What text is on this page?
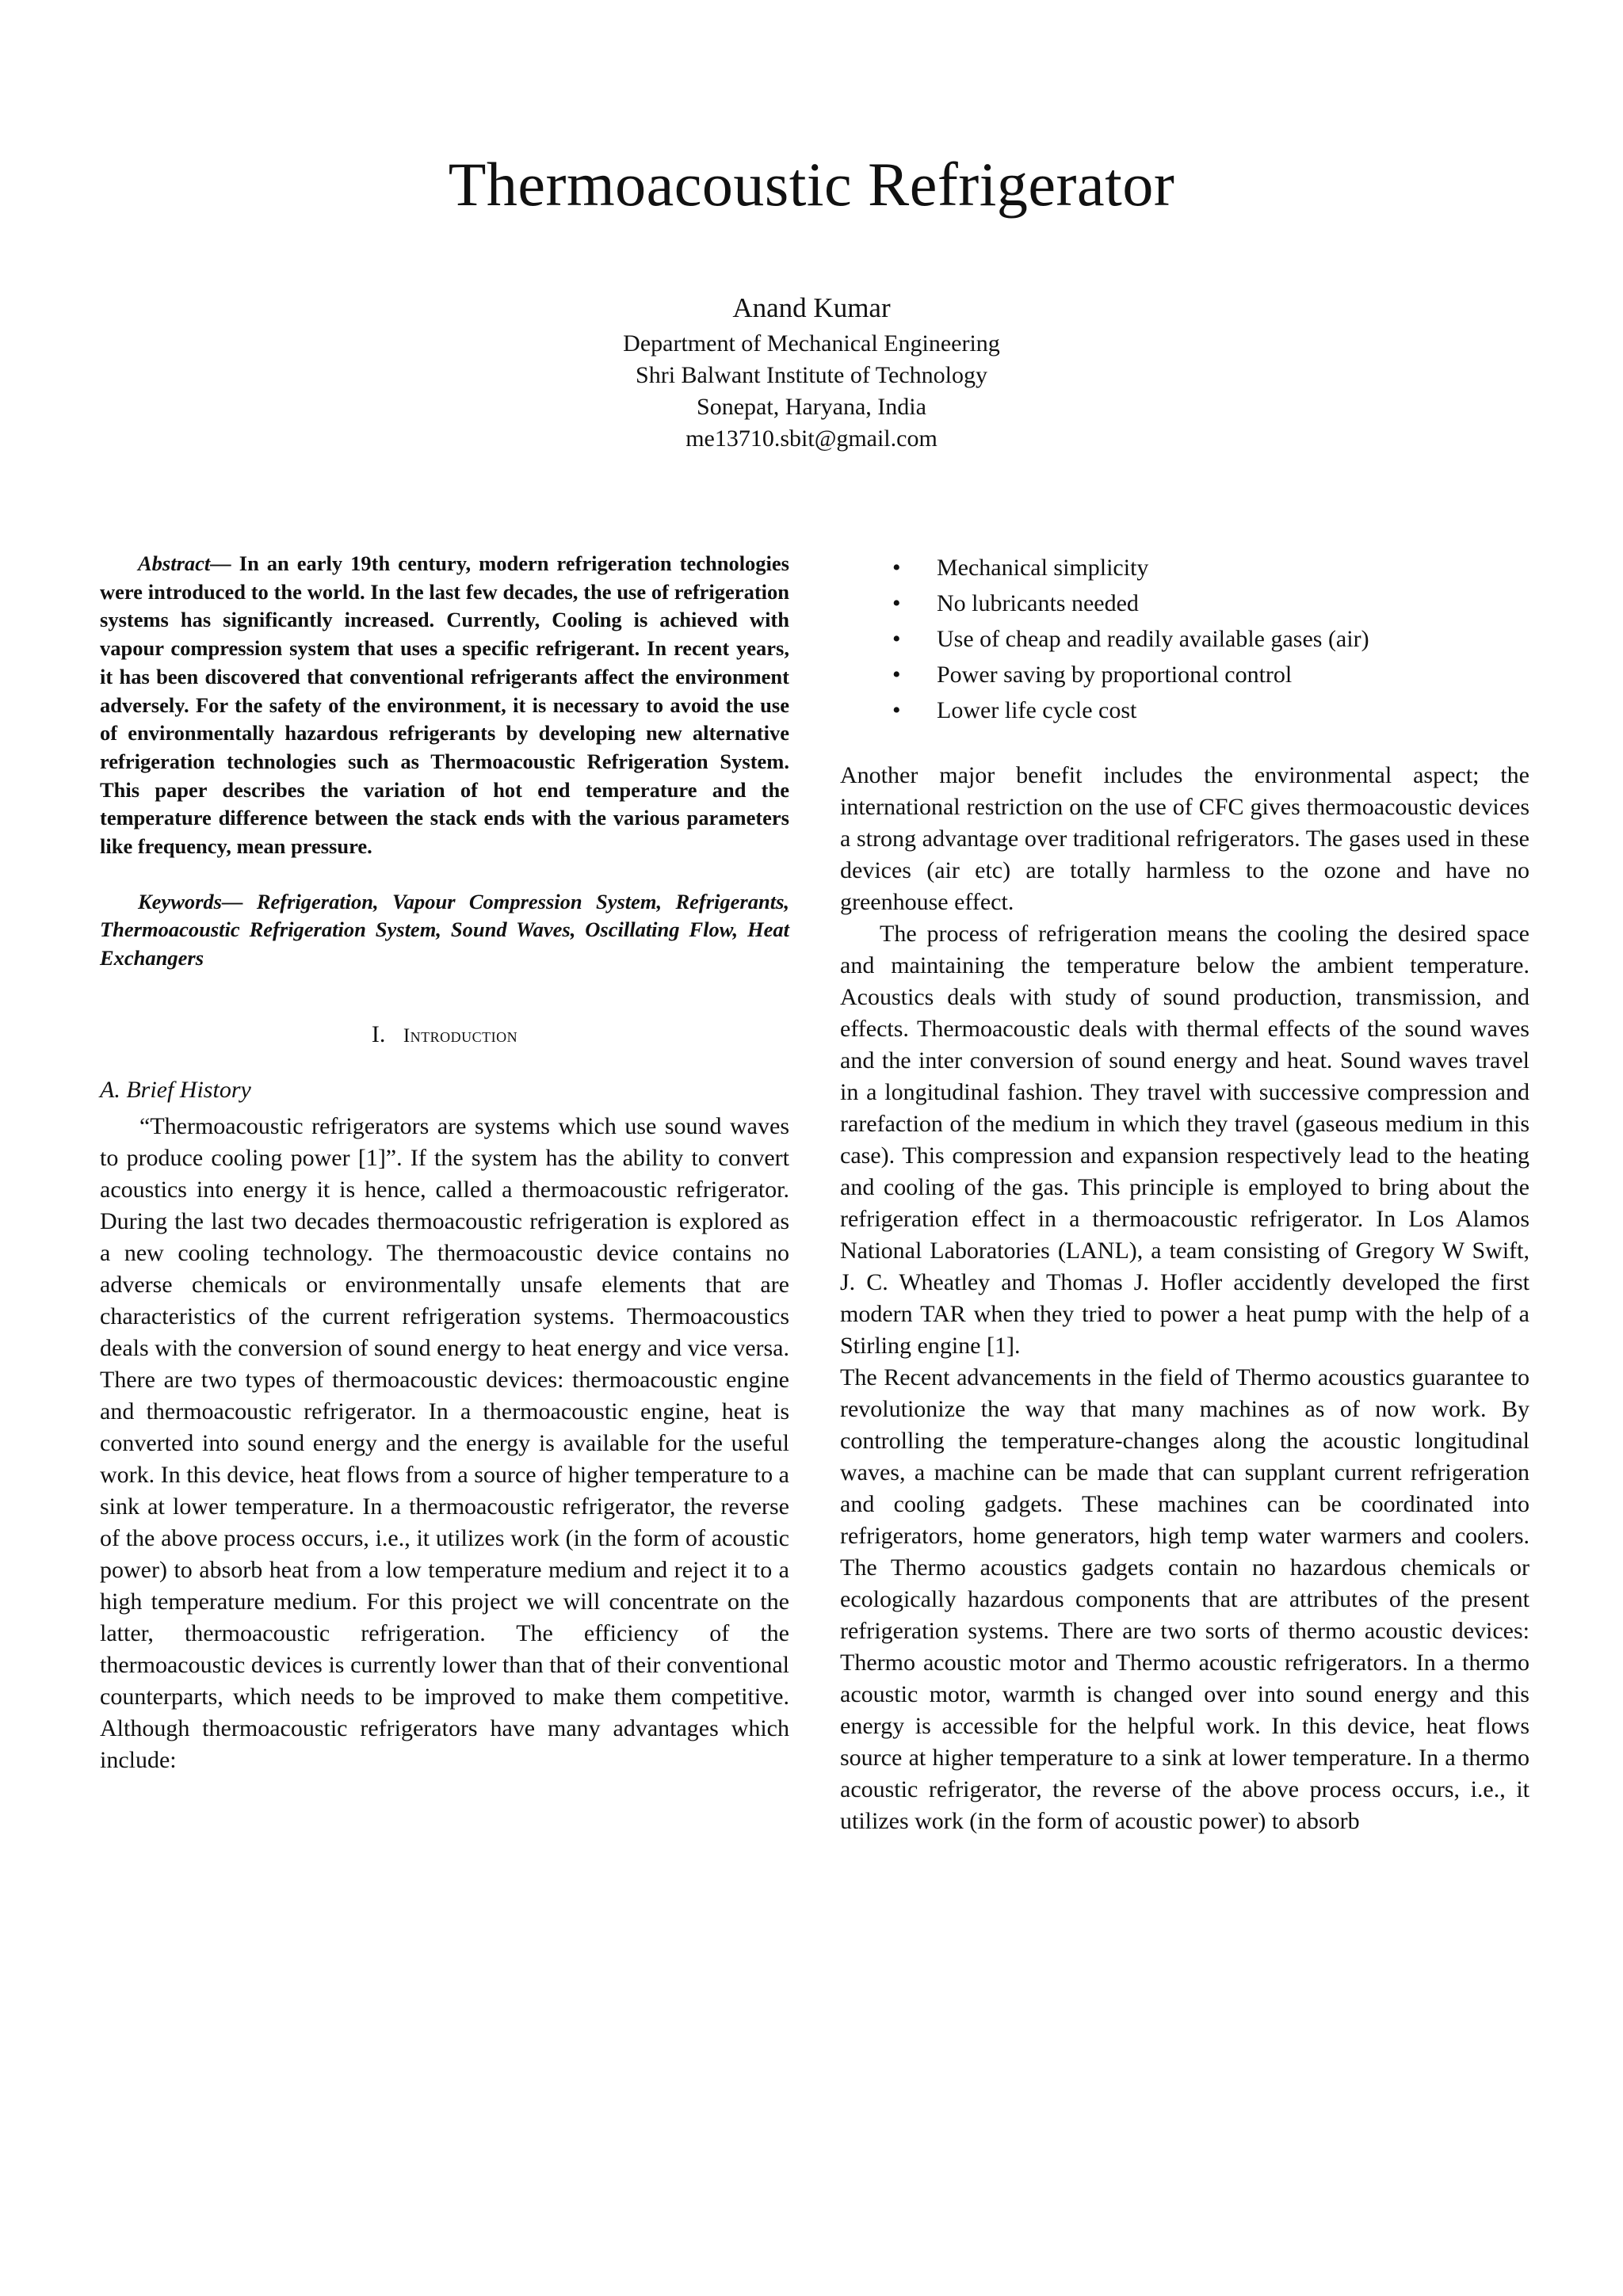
Thermoacoustic Refrigerator
Anand Kumar
Department of Mechanical Engineering
Shri Balwant Institute of Technology
Sonepat, Haryana, India
me13710.sbit@gmail.com

Abstract— In an early 19th century, modern refrigeration technologies were introduced to the world. In the last few decades, the use of refrigeration systems has significantly increased. Currently, Cooling is achieved with vapour compression system that uses a specific refrigerant. In recent years, it has been discovered that conventional refrigerants affect the environment adversely. For the safety of the environment, it is necessary to avoid the use of environmentally hazardous refrigerants by developing new alternative refrigeration technologies such as Thermoacoustic Refrigeration System. This paper describes the variation of hot end temperature and the temperature difference between the stack ends with the various parameters like frequency, mean pressure.

Keywords— Refrigeration, Vapour Compression System, Refrigerants, Thermoacoustic Refrigeration System, Sound Waves, Oscillating Flow, Heat Exchangers

I. Introduction
A. Brief History

“Thermoacoustic refrigerators are systems which use sound waves to produce cooling power [1]”. If the system has the ability to convert acoustics into energy it is hence, called a thermoacoustic refrigerator. During the last two decades thermoacoustic refrigeration is explored as a new cooling technology. The thermoacoustic device contains no adverse chemicals or environmentally unsafe elements that are characteristics of the current refrigeration systems. Thermoacoustics deals with the conversion of sound energy to heat energy and vice versa. There are two types of thermoacoustic devices: thermoacoustic engine and thermoacoustic refrigerator. In a thermoacoustic engine, heat is converted into sound energy and the energy is available for the useful work. In this device, heat flows from a source of higher temperature to a sink at lower temperature. In a thermoacoustic refrigerator, the reverse of the above process occurs, i.e., it utilizes work (in the form of acoustic power) to absorb heat from a low temperature medium and reject it to a high temperature medium. For this project we will concentrate on the latter, thermoacoustic refrigeration. The efficiency of the thermoacoustic devices is currently lower than that of their conventional counterparts, which needs to be improved to make them competitive. Although thermoacoustic refrigerators have many advantages which include:

• Mechanical simplicity
• No lubricants needed
• Use of cheap and readily available gases (air)
• Power saving by proportional control
• Lower life cycle cost

Another major benefit includes the environmental aspect; the international restriction on the use of CFC gives thermoacoustic devices a strong advantage over traditional refrigerators. The gases used in these devices (air etc) are totally harmless to the ozone and have no greenhouse effect.

The process of refrigeration means the cooling the desired space and maintaining the temperature below the ambient temperature. Acoustics deals with study of sound production, transmission, and effects. Thermoacoustic deals with thermal effects of the sound waves and the inter conversion of sound energy and heat. Sound waves travel in a longitudinal fashion. They travel with successive compression and rarefaction of the medium in which they travel (gaseous medium in this case). This compression and expansion respectively lead to the heating and cooling of the gas. This principle is employed to bring about the refrigeration effect in a thermoacoustic refrigerator. In Los Alamos National Laboratories (LANL), a team consisting of Gregory W Swift, J. C. Wheatley and Thomas J. Hofler accidently developed the first modern TAR when they tried to power a heat pump with the help of a Stirling engine [1].

The Recent advancements in the field of Thermo acoustics guarantee to revolutionize the way that many machines as of now work. By controlling the temperature-changes along the acoustic longitudinal waves, a machine can be made that can supplant current refrigeration and cooling gadgets. These machines can be coordinated into refrigerators, home generators, high temp water warmers and coolers. The Thermo acoustics gadgets contain no hazardous chemicals or ecologically hazardous components that are attributes of the present refrigeration systems. There are two sorts of thermo acoustic devices: Thermo acoustic motor and Thermo acoustic refrigerators. In a thermo acoustic motor, warmth is changed over into sound energy and this energy is accessible for the helpful work. In this device, heat flows source at higher temperature to a sink at lower temperature. In a thermo acoustic refrigerator, the reverse of the above process occurs, i.e., it utilizes work (in the form of acoustic power) to absorb
